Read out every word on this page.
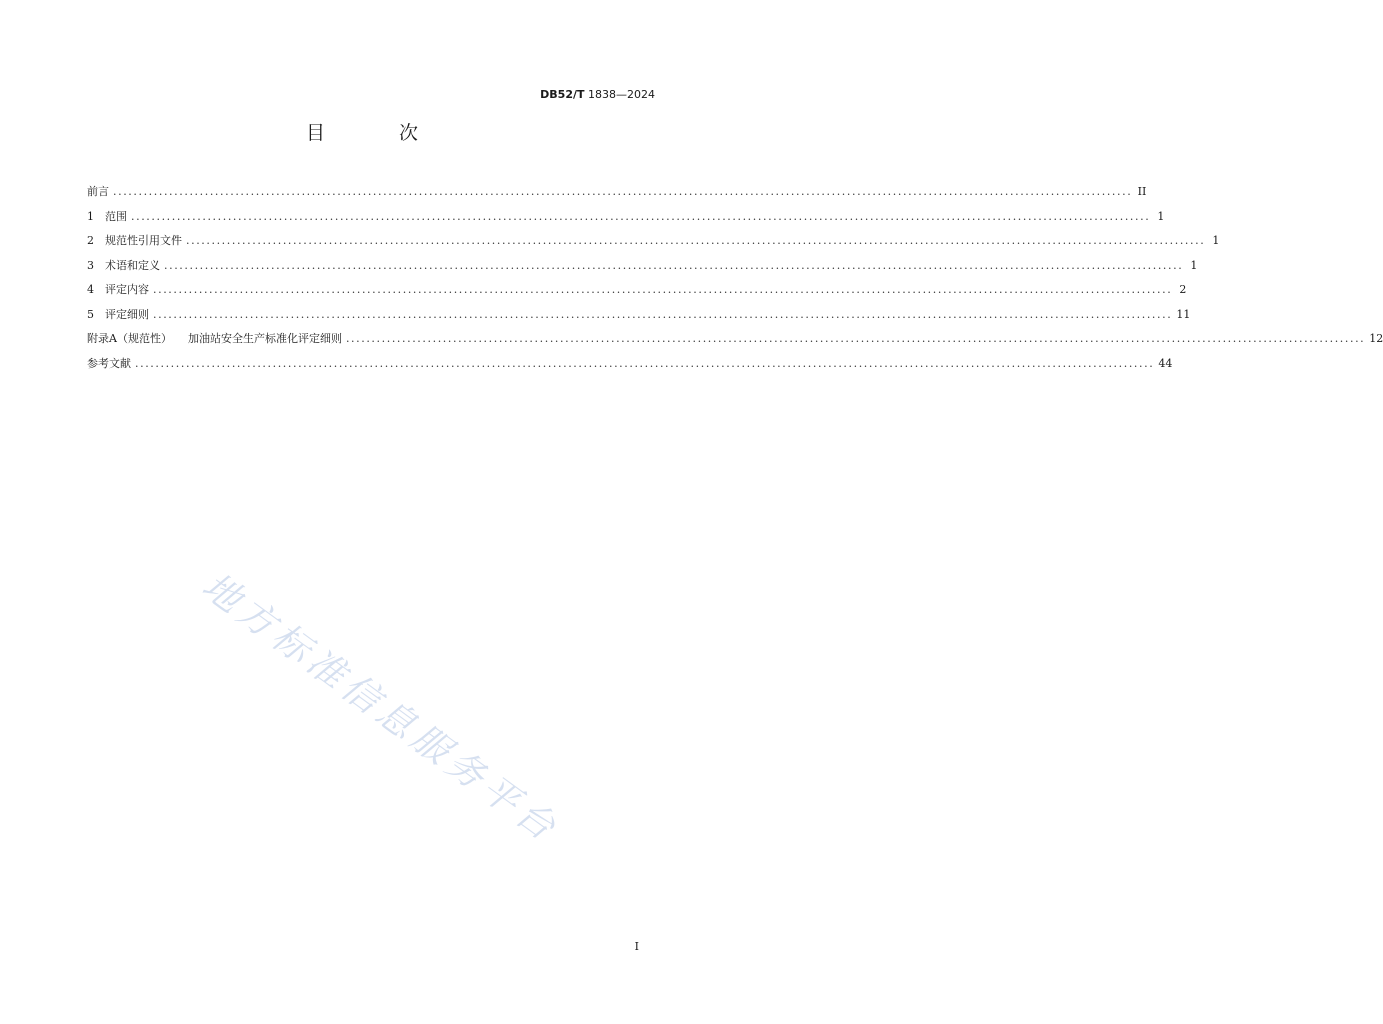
DB52/T 1838—2024
目 次
前言 ........................................................................................................................................................................................................ II
1	范围 ........................................................................................................................................................................................................ 1
2	规范性引用文件 ........................................................................................................................................................................................................ 1
3	术语和定义 ........................................................................................................................................................................................................ 1
4	评定内容 ........................................................................................................................................................................................................ 2
5	评定细则 ........................................................................................................................................................................................................ 11
附录A（规范性） 加油站安全生产标准化评定细则 ........................................................................................................................................................................................................ 12
参考文献 ........................................................................................................................................................................................................ 44
地方标准信息服务平台
I
